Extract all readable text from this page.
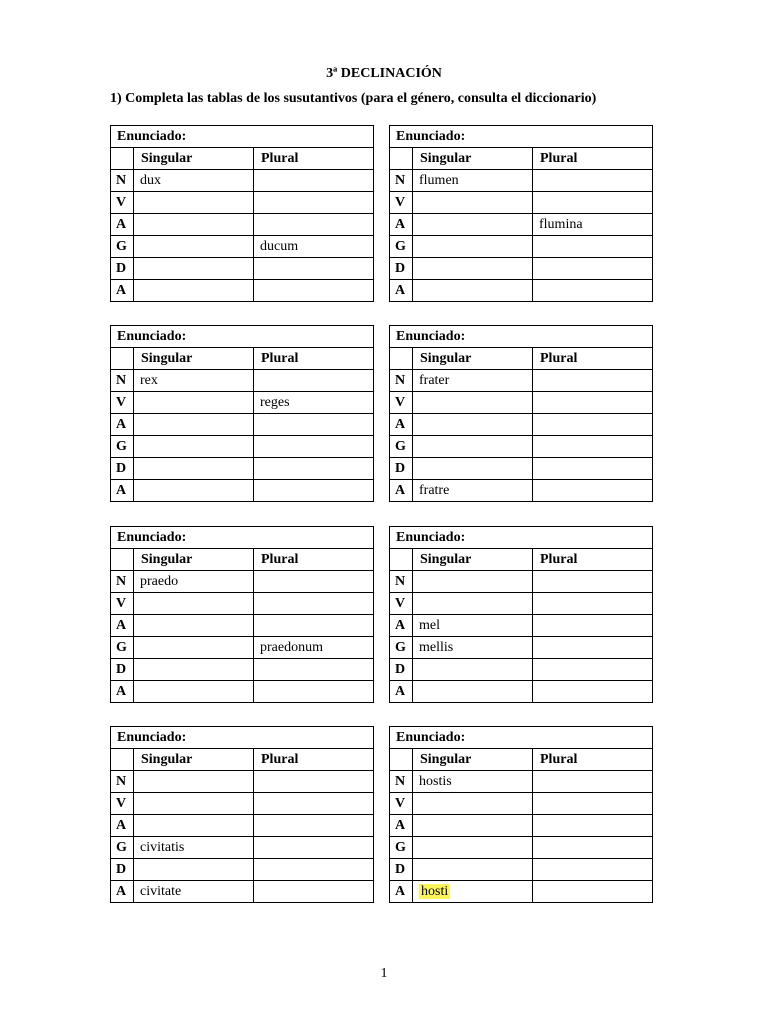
3ª DECLINACIÓN
1) Completa las tablas de los susutantivos (para el género, consulta el diccionario)
Enunciado:		
	Singular	Plural
N	dux	
V		
A		
G		ducum
D		
A		
Enunciado:		
	Singular	Plural
N	flumen	
V		
A		flumina
G		
D		
A		
Enunciado:		
	Singular	Plural
N	rex	
V		reges
A		
G		
D		
A		
Enunciado:		
	Singular	Plural
N	frater	
V		
A		
G		
D		
A	fratre	
Enunciado:		
	Singular	Plural
N	praedo	
V		
A		
G		praedonum
D		
A		
Enunciado:		
	Singular	Plural
N		
V		
A	mel	
G	mellis	
D		
A		
Enunciado:		
	Singular	Plural
N		
V		
A		
G	civitatis	
D		
A	civitate	
Enunciado:		
	Singular	Plural
N	hostis	
V		
A		
G		
D		
A	hosti	
1
